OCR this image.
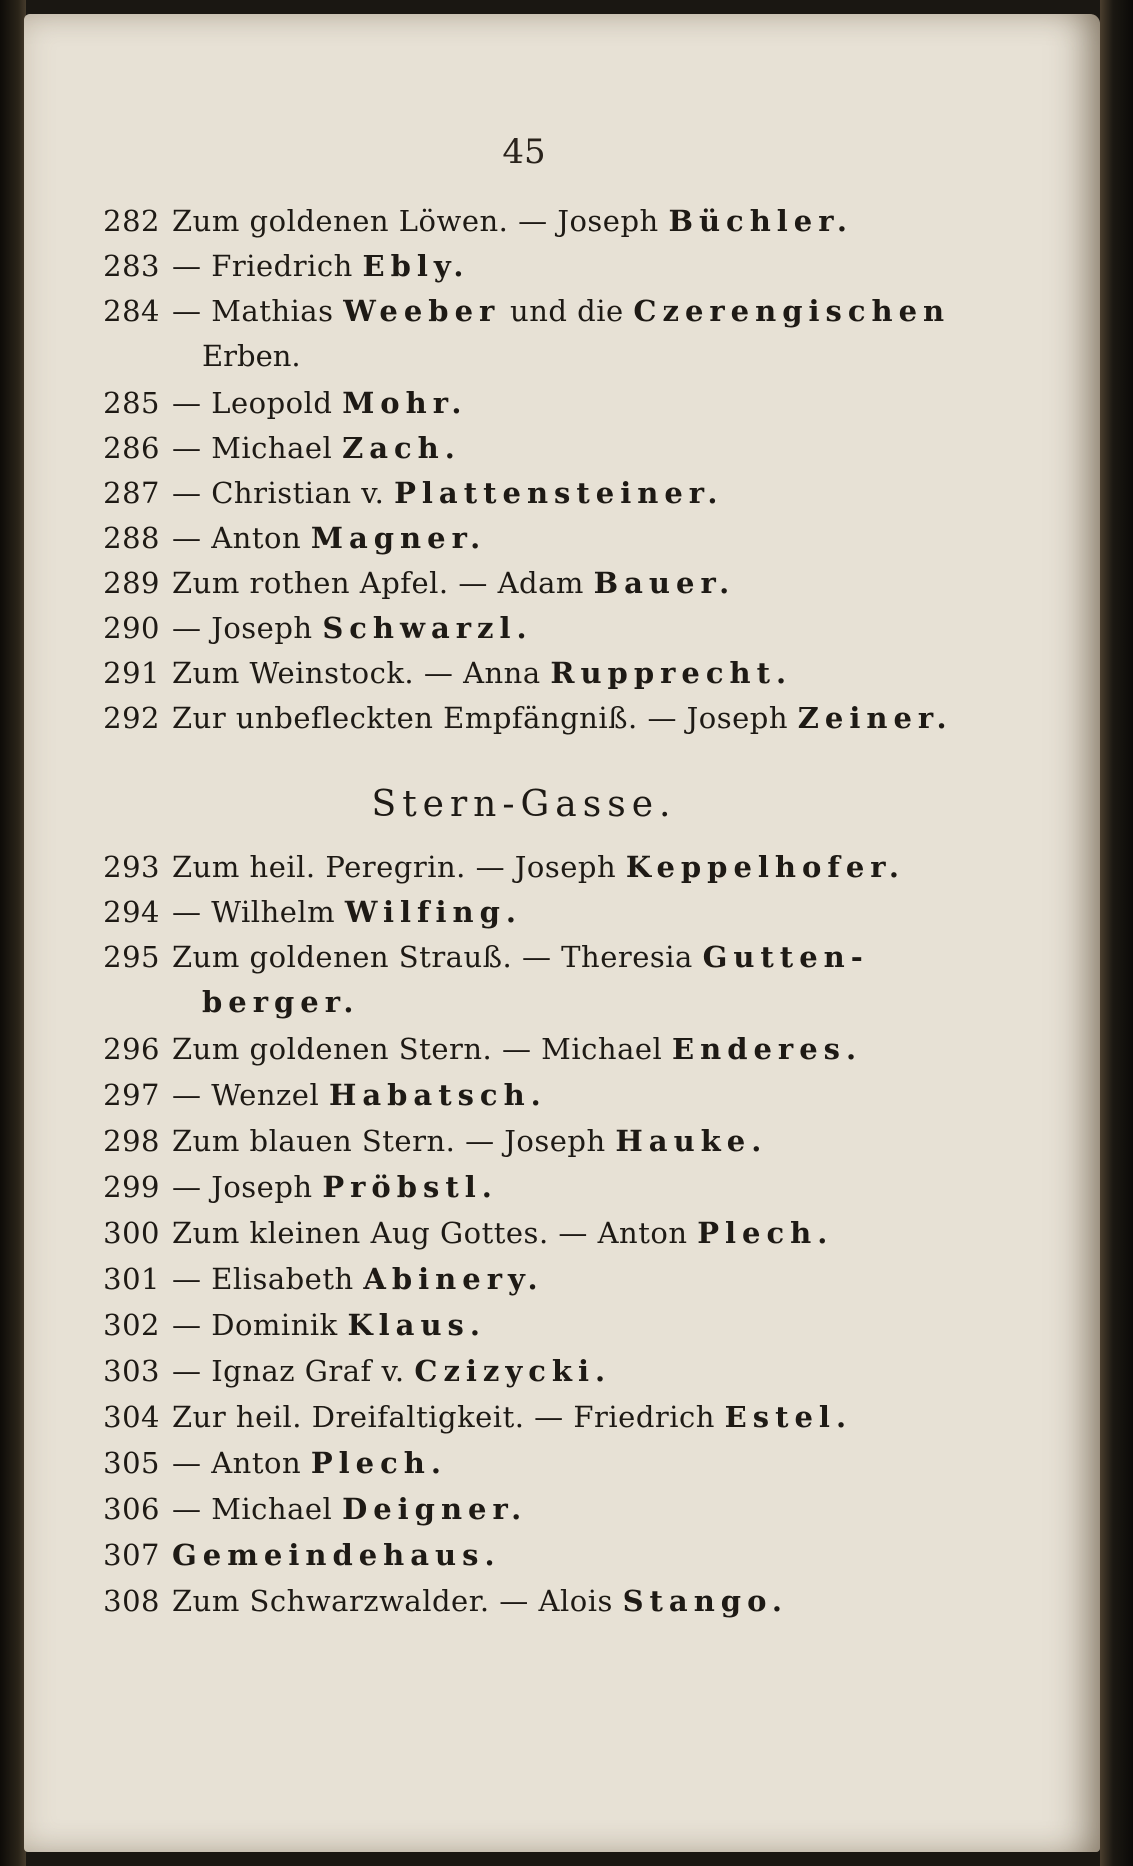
45
282 Zum goldenen Löwen. — Joseph Büchler.
283 — Friedrich Ebly.
284 — Mathias Weeber und die Czerengischen
Erben.
285 — Leopold Mohr.
286 — Michael Zach.
287 — Christian v. Plattensteiner.
288 — Anton Magner.
289 Zum rothen Apfel. — Adam Bauer.
290 — Joseph Schwarzl.
291 Zum Weinstock. — Anna Rupprecht.
292 Zur unbefleckten Empfängniß. — Joseph Zeiner.
Stern-Gasse.
293 Zum heil. Peregrin. — Joseph Keppelhofer.
294 — Wilhelm Wilfing.
295 Zum goldenen Strauß. — Theresia Gutten-
berger.
296 Zum goldenen Stern. — Michael Enderes.
297 — Wenzel Habatsch.
298 Zum blauen Stern. — Joseph Hauke.
299 — Joseph Pröbstl.
300 Zum kleinen Aug Gottes. — Anton Plech.
301 — Elisabeth Abinery.
302 — Dominik Klaus.
303 — Ignaz Graf v. Czizycki.
304 Zur heil. Dreifaltigkeit. — Friedrich Estel.
305 — Anton Plech.
306 — Michael Deigner.
307 Gemeindehaus.
308 Zum Schwarzwalder. — Alois Stango.
